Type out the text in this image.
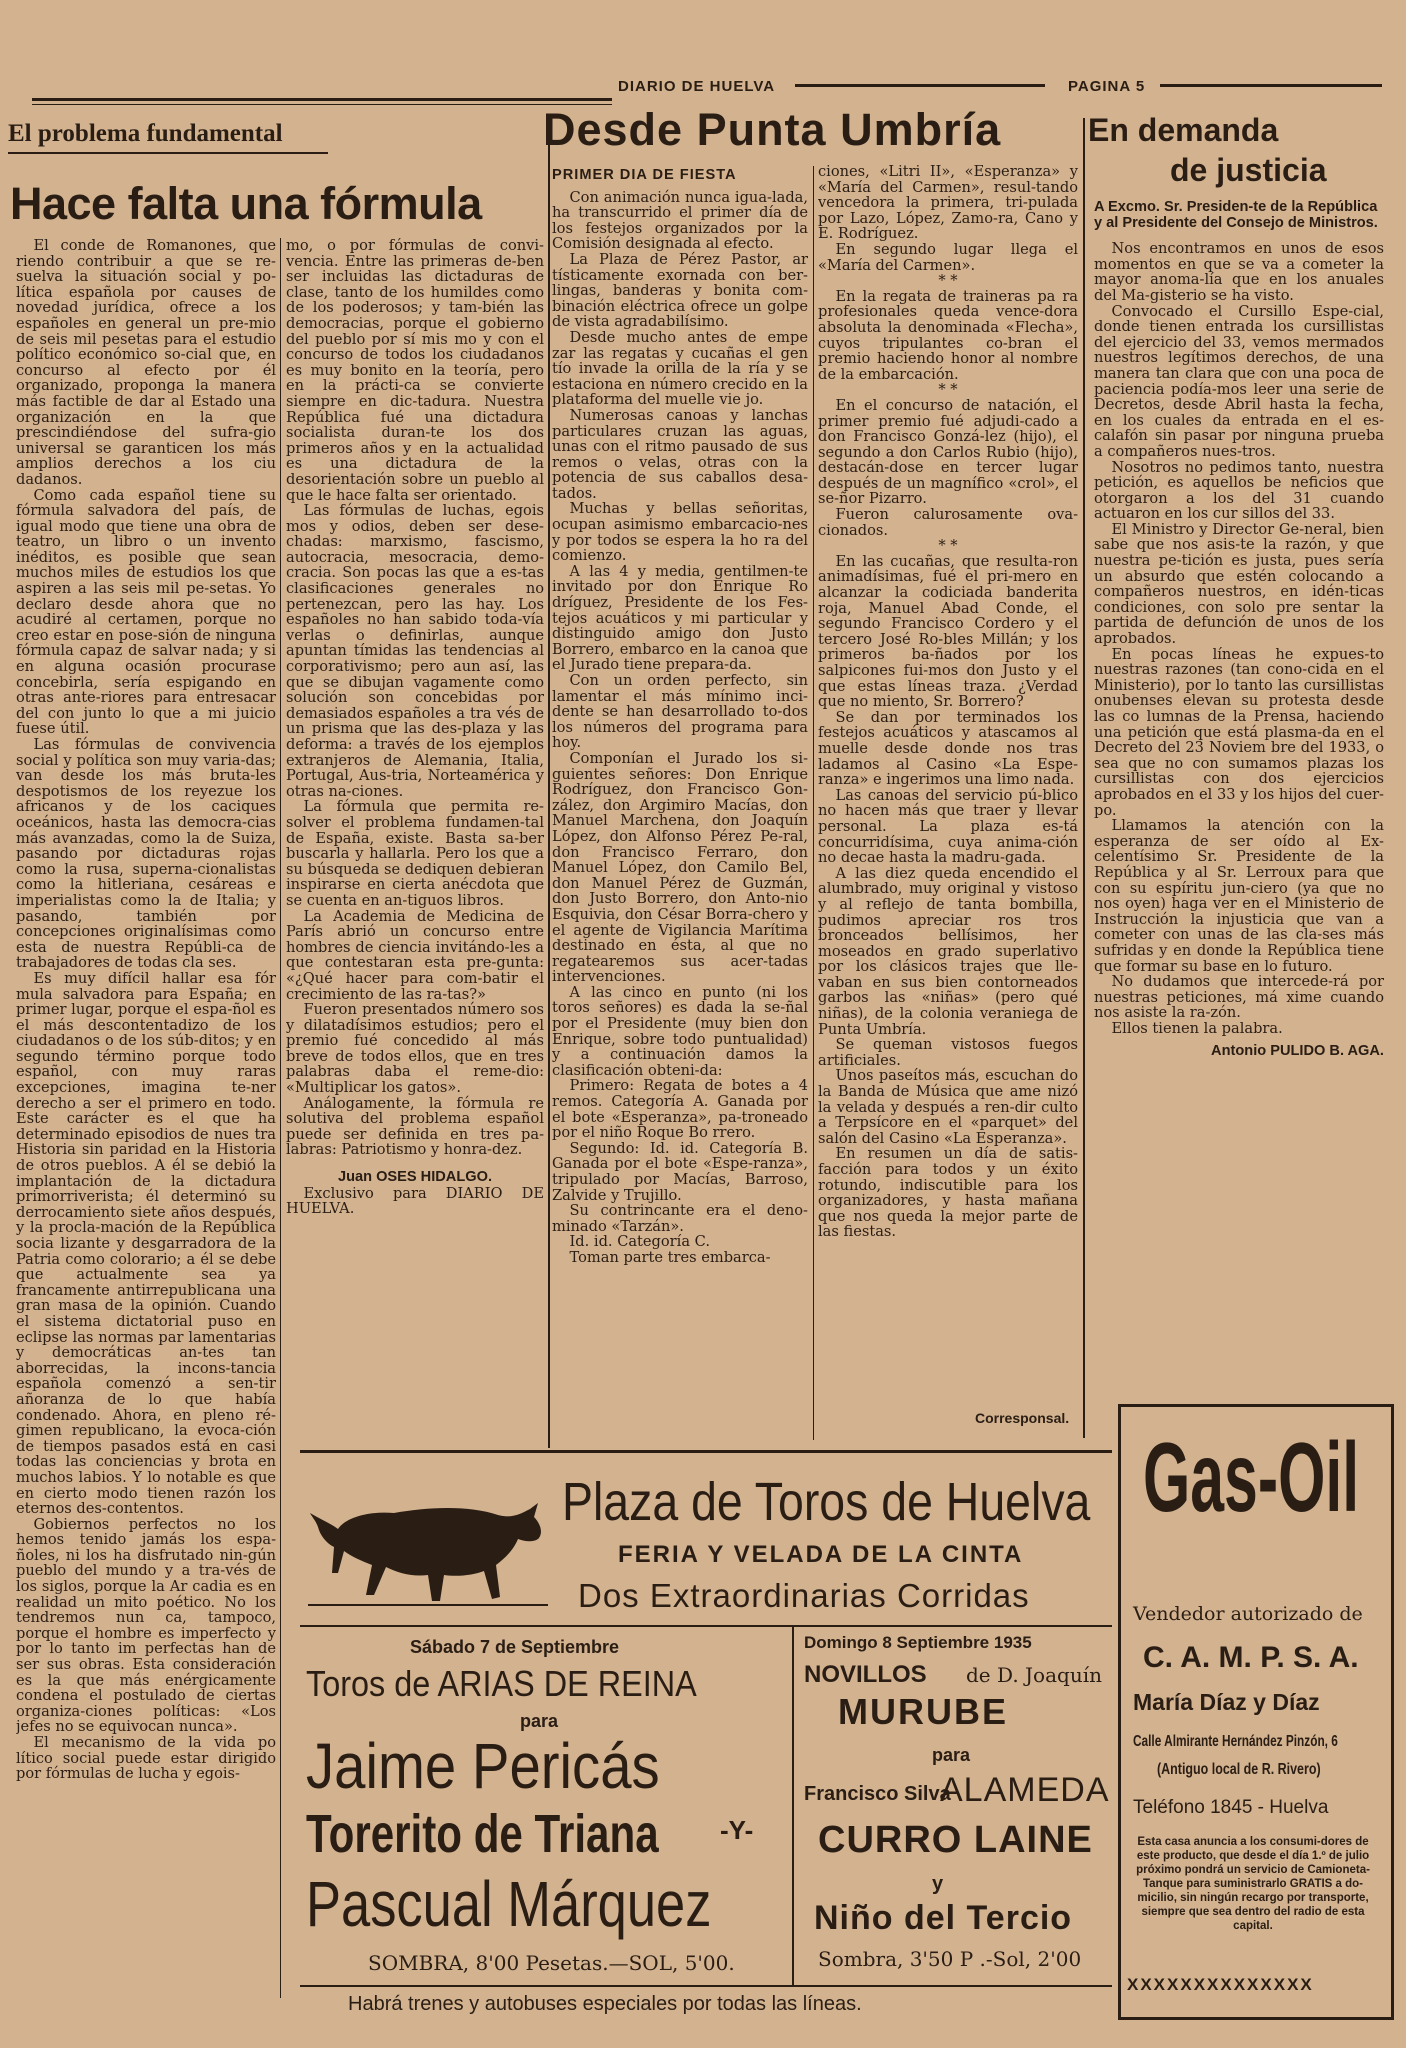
DIARIO DE HUELVA	PAGINA 5
El problema fundamental
Hace falta una fórmula

El conde de Romanones, que riendo contribuir a que se re-suelva la situación social y po-lítica española por causes de novedad jurídica, ofrece a los españoles en general un pre-mio de seis mil pesetas para el estudio político económico so-cial que, en concurso al efecto por él organizado, proponga la manera más factible de dar al Estado una organización en la que prescindiéndose del sufra-gio universal se garanticen los más amplios derechos a los ciu dadanos.

Como cada español tiene su fórmula salvadora del país, de igual modo que tiene una obra de teatro, un libro o un invento inéditos, es posible que sean muchos miles de estudios los que aspiren a las seis mil pe-setas. Yo declaro desde ahora que no acudiré al certamen, porque no creo estar en pose-sión de ninguna fórmula capaz de salvar nada; y si en alguna ocasión procurase concebirla, sería espigando en otras ante-riores para entresacar del con junto lo que a mi juicio fuese útil.

Las fórmulas de convivencia social y política son muy varia-das; van desde los más bruta-les despotismos de los reyezue los africanos y de los caciques oceánicos, hasta las democra-cias más avanzadas, como la de Suiza, pasando por dictaduras rojas como la rusa, superna-cionalistas como la hitleriana, cesáreas e imperialistas como la de Italia; y pasando, también por concepciones originalísimas como esta de nuestra Repúbli-ca de trabajadores de todas cla ses.

Es muy difícil hallar esa fór mula salvadora para España; en primer lugar, porque el espa-ñol es el más descontentadizo de los ciudadanos o de los súb-ditos; y en segundo término porque todo español, con muy raras excepciones, imagina te-ner derecho a ser el primero en todo. Este carácter es el que ha determinado episodios de nues tra Historia sin paridad en la Historia de otros pueblos. A él se debió la implantación de la dictadura primorriverista; él determinó su derrocamiento siete años después, y la procla-mación de la República socia lizante y desgarradora de la Patria como colorario; a él se debe que actualmente sea ya francamente antirrepublicana una gran masa de la opinión. Cuando el sistema dictatorial puso en eclipse las normas par lamentarias y democráticas an-tes tan aborrecidas, la incons-tancia española comenzó a sen-tir añoranza de lo que había condenado. Ahora, en pleno ré-gimen republicano, la evoca-ción de tiempos pasados está en casi todas las conciencias y brota en muchos labios. Y lo notable es que en cierto modo tienen razón los eternos des-contentos.

Gobiernos perfectos no los hemos tenido jamás los espa-ñoles, ni los ha disfrutado nin-gún pueblo del mundo y a tra-vés de los siglos, porque la Ar cadia es en realidad un mito poético. No los tendremos nun ca, tampoco, porque el hombre es imperfecto y por lo tanto im perfectas han de ser sus obras. Esta consideración es la que más enérgicamente condena el postulado de ciertas organiza-ciones políticas: «Los jefes no se equivocan nunca».

El mecanismo de la vida po lítico social puede estar dirigido por fórmulas de lucha y egois-

mo, o por fórmulas de convi-vencia. Entre las primeras de-ben ser incluidas las dictaduras de clase, tanto de los humildes como de los poderosos; y tam-bién las democracias, porque el gobierno del pueblo por sí mis mo y con el concurso de todos los ciudadanos es muy bonito en la teoría, pero en la prácti-ca se convierte siempre en dic-tadura. Nuestra República fué una dictadura socialista duran-te los dos primeros años y en la actualidad es una dictadura de la desorientación sobre un pueblo al que le hace falta ser orientado.

Las fórmulas de luchas, egois mos y odios, deben ser dese-chadas: marxismo, fascismo, autocracia, mesocracia, demo-cracia. Son pocas las que a es-tas clasificaciones generales no pertenezcan, pero las hay. Los españoles no han sabido toda-vía verlas o definirlas, aunque apuntan tímidas las tendencias al corporativismo; pero aun así, las que se dibujan vagamente como solución son concebidas por demasiados españoles a tra vés de un prisma que las des-plaza y las deforma: a través de los ejemplos extranjeros de Alemania, Italia, Portugal, Aus-tria, Norteamérica y otras na-ciones.

La fórmula que permita re-solver el problema fundamen-tal de España, existe. Basta sa-ber buscarla y hallarla. Pero los que a su búsqueda se dediquen debieran inspirarse en cierta anécdota que se cuenta en an-tiguos libros.

La Academia de Medicina de París abrió un concurso entre hombres de ciencia invitándo-les a que contestaran esta pre-gunta: «¿Qué hacer para com-batir el crecimiento de las ra-tas?»

Fueron presentados número sos y dilatadísimos estudios; pero el premio fué concedido al más breve de todos ellos, que en tres palabras daba el reme-dio: «Multiplicar los gatos».

Análogamente, la fórmula re solutiva del problema español puede ser definida en tres pa-labras: Patriotismo y honra-dez.

Juan OSES HIDALGO.

Exclusivo para DIARIO DE HUELVA.

Desde Punta Umbría

PRIMER DIA DE FIESTA

Con animación nunca igua-lada, ha transcurrido el primer día de los festejos organizados por la Comisión designada al efecto.

La Plaza de Pérez Pastor, ar tísticamente exornada con ber-lingas, banderas y bonita com-binación eléctrica ofrece un golpe de vista agradabilísimo.

Desde mucho antes de empe zar las regatas y cucañas el gen tío invade la orilla de la ría y se estaciona en número crecido en la plataforma del muelle vie jo.

Numerosas canoas y lanchas particulares cruzan las aguas, unas con el ritmo pausado de sus remos o velas, otras con la potencia de sus caballos desa-tados.

Muchas y bellas señoritas, ocupan asimismo embarcacio-nes y por todos se espera la ho ra del comienzo.

A las 4 y media, gentilmen-te invitado por don Enrique Ro dríguez, Presidente de los Fes-tejos acuáticos y mi particular y distinguido amigo don Justo Borrero, embarco en la canoa que el Jurado tiene prepara-da.

Con un orden perfecto, sin lamentar el más mínimo inci-dente se han desarrollado to-dos los números del programa para hoy.

Componían el Jurado los si-guientes señores: Don Enrique Rodríguez, don Francisco Gon-zález, don Argimiro Macías, don Manuel Marchena, don Joaquín López, don Alfonso Pérez Pe-ral, don Francisco Ferraro, don Manuel López, don Camilo Bel, don Manuel Pérez de Guzmán, don Justo Borrero, don Anto-nio Esquivia, don César Borra-chero y el agente de Vigilancia Marítima destinado en ésta, al que no regatearemos sus acer-tadas intervenciones.

A las cinco en punto (ni los toros señores) es dada la se-ñal por el Presidente (muy bien don Enrique, sobre todo puntualidad) y a continuación damos la clasificación obteni-da:

Primero: Regata de botes a 4 remos. Categoría A. Ganada por el bote «Esperanza», pa-troneado por el niño Roque Bo rrero.

Segundo: Id. id. Categoría B. Ganada por el bote «Espe-ranza», tripulado por Macías, Barroso, Zalvide y Trujillo.

Su contrincante era el deno-minado «Tarzán».

Id. id. Categoría C.

Toman parte tres embarca-

ciones, «Litri II», «Esperanza» y «María del Carmen», resul-tando vencedora la primera, tri-pulada por Lazo, López, Zamo-ra, Cano y E. Rodríguez.

En segundo lugar llega el «María del Carmen».

* *

En la regata de traineras pa ra profesionales queda vence-dora absoluta la denominada «Flecha», cuyos tripulantes co-bran el premio haciendo honor al nombre de la embarcación.

* *

En el concurso de natación, el primer premio fué adjudi-cado a don Francisco Gonzá-lez (hijo), el segundo a don Carlos Rubio (hijo), destacán-dose en tercer lugar después de un magnífico «crol», el se-ñor Pizarro.

Fueron calurosamente ova-cionados.

* *

En las cucañas, que resulta-ron animadísimas, fué el pri-mero en alcanzar la codiciada banderita roja, Manuel Abad Conde, el segundo Francisco Cordero y el tercero José Ro-bles Millán; y los primeros ba-ñados por los salpicones fui-mos don Justo y el que estas líneas traza. ¿Verdad que no miento, Sr. Borrero?

Se dan por terminados los festejos acuáticos y atascamos al muelle desde donde nos tras ladamos al Casino «La Espe-ranza» e ingerimos una limo nada.

Las canoas del servicio pú-blico no hacen más que traer y llevar personal. La plaza es-tá concurridísima, cuya anima-ción no decae hasta la madru-gada.

A las diez queda encendido el alumbrado, muy original y vistoso y al reflejo de tanta bombilla, pudimos apreciar ros tros bronceados bellísimos, her moseados en grado superlativo por los clásicos trajes que lle-vaban en sus bien contorneados garbos las «niñas» (pero qué niñas), de la colonia veraniega de Punta Umbría.

Se queman vistosos fuegos artificiales.

Unos paseítos más, escuchan do la Banda de Música que ame nizó la velada y después a ren-dir culto a Terpsícore en el «parquet» del salón del Casino «La Esperanza».

En resumen un día de satis-facción para todos y un éxito rotundo, indiscutible para los organizadores, y hasta mañana que nos queda la mejor parte de las fiestas.

Corresponsal.
En demanda
de justicia

A Excmo. Sr. Presiden-te de la República y al Presidente del Consejo de Ministros.

Nos encontramos en unos de esos momentos en que se va a cometer la mayor anoma-lía que en los anuales del Ma-gisterio se ha visto.

Convocado el Cursillo Espe-cial, donde tienen entrada los cursillistas del ejercicio del 33, vemos mermados nuestros legítimos derechos, de una manera tan clara que con una poca de paciencia podía-mos leer una serie de Decretos, desde Abril hasta la fecha, en los cuales da entrada en el es-calafón sin pasar por ninguna prueba a compañeros nues-tros.

Nosotros no pedimos tanto, nuestra petición, es aquellos be neficios que otorgaron a los del 31 cuando actuaron en los cur sillos del 33.

El Ministro y Director Ge-neral, bien sabe que nos asis-te la razón, y que nuestra pe-tición es justa, pues sería un absurdo que estén colocando a compañeros nuestros, en idén-ticas condiciones, con solo pre sentar la partida de defunción de unos de los aprobados.

En pocas líneas he expues-to nuestras razones (tan cono-cida en el Ministerio), por lo tanto las cursillistas onubenses elevan su protesta desde las co lumnas de la Prensa, haciendo una petición que está plasma-da en el Decreto del 23 Noviem bre del 1933, o sea que no con sumamos plazas los cursillistas con dos ejercicios aprobados en el 33 y los hijos del cuer-po.

Llamamos la atención con la esperanza de ser oído al Ex-celentísimo Sr. Presidente de la República y al Sr. Lerroux para que con su espíritu jun-ciero (ya que no nos oyen) haga ver en el Ministerio de Instrucción la injusticia que van a cometer con unas de las cla-ses más sufridas y en donde la República tiene que formar su base en lo futuro.

No dudamos que intercede-rá por nuestras peticiones, má xime cuando nos asiste la ra-zón.

Ellos tienen la palabra.

Antonio PULIDO B. AGA.

Plaza de Toros de Huelva
FERIA Y VELADA DE LA CINTA
Dos Extraordinarias Corridas
Sábado 7 de Septiembre
Toros de ARIAS DE REINA
para
Jaime Pericás
Torerito de Triana -Y-
Pascual Márquez
SOMBRA, 8'00 Pesetas.—SOL, 5'00.
Domingo 8 Septiembre 1935
NOVILLOS de D. Joaquín
MURUBE
para
Francisco Silva
ALAMEDA
CURRO LAINE
y
Niño del Tercio
Sombra, 3'50 P .-Sol, 2'00
Habrá trenes y autobuses especiales por todas las líneas.
Gas-Oil
Vendedor autorizado de
C. A. M. P. S. A.
María Díaz y Díaz
Calle Almirante Hernández Pinzón, 6
(Antiguo local de R. Rivero)
Teléfono 1845 - Huelva
Esta casa anuncia a los consumi-dores de este producto, que desde el día 1.º de julio próximo pondrá un servicio de Camioneta-Tanque para suministrarlo GRATIS a do-micilio, sin ningún recargo por transporte, siempre que sea dentro del radio de esta capital.
XXXXXXXXXXXXXX
